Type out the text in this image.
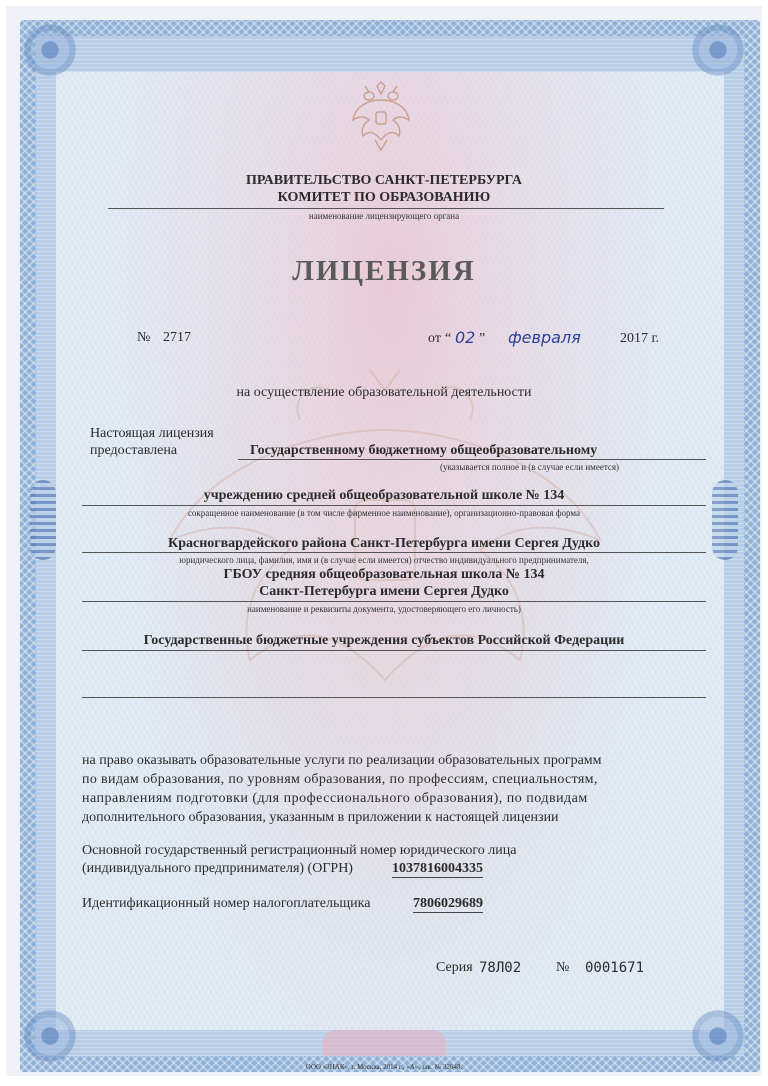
ПРАВИТЕЛЬСТВО САНКТ-ПЕТЕРБУРГА
КОМИТЕТ ПО ОБРАЗОВАНИЮ
наименование лицензирующего органа
ЛИЦЕНЗИЯ
№ 2717	от “ 02 ” февраля	2017 г.
на осуществление образовательной деятельности
Настоящая лицензия
предоставлена	Государственному бюджетному общеобразовательному
(указывается полное и (в случае если имеется)
учреждению средней общеобразовательной школе № 134
сокращенное наименование (в том числе фирменное наименование), организационно-правовая форма
Красногвардейского района Санкт-Петербурга имени Сергея Дудко
юридического лица, фамилия, имя и (в случае если имеется) отчество индивидуального предпринимателя,
ГБОУ средняя общеобразовательная школа № 134
Санкт-Петербурга имени Сергея Дудко
наименование и реквизиты документа, удостоверяющего его личность)
Государственные бюджетные учреждения субъектов Российской Федерации
на право оказывать образовательные услуги по реализации образовательных программ
по видам образования, по уровням образования, по профессиям, специальностям,
направлениям подготовки (для профессионального образования), по подвидам
дополнительного образования, указанным в приложении к настоящей лицензии
Основной государственный регистрационный номер юридического лица
(индивидуального предпринимателя) (ОГРН)	1037816004335
Идентификационный номер налогоплательщика	7806029689
Серия 78Л02 № 0001671
ООО «ЗНАК», г. Москва, 2014 г., «А», зак. № 32648.
